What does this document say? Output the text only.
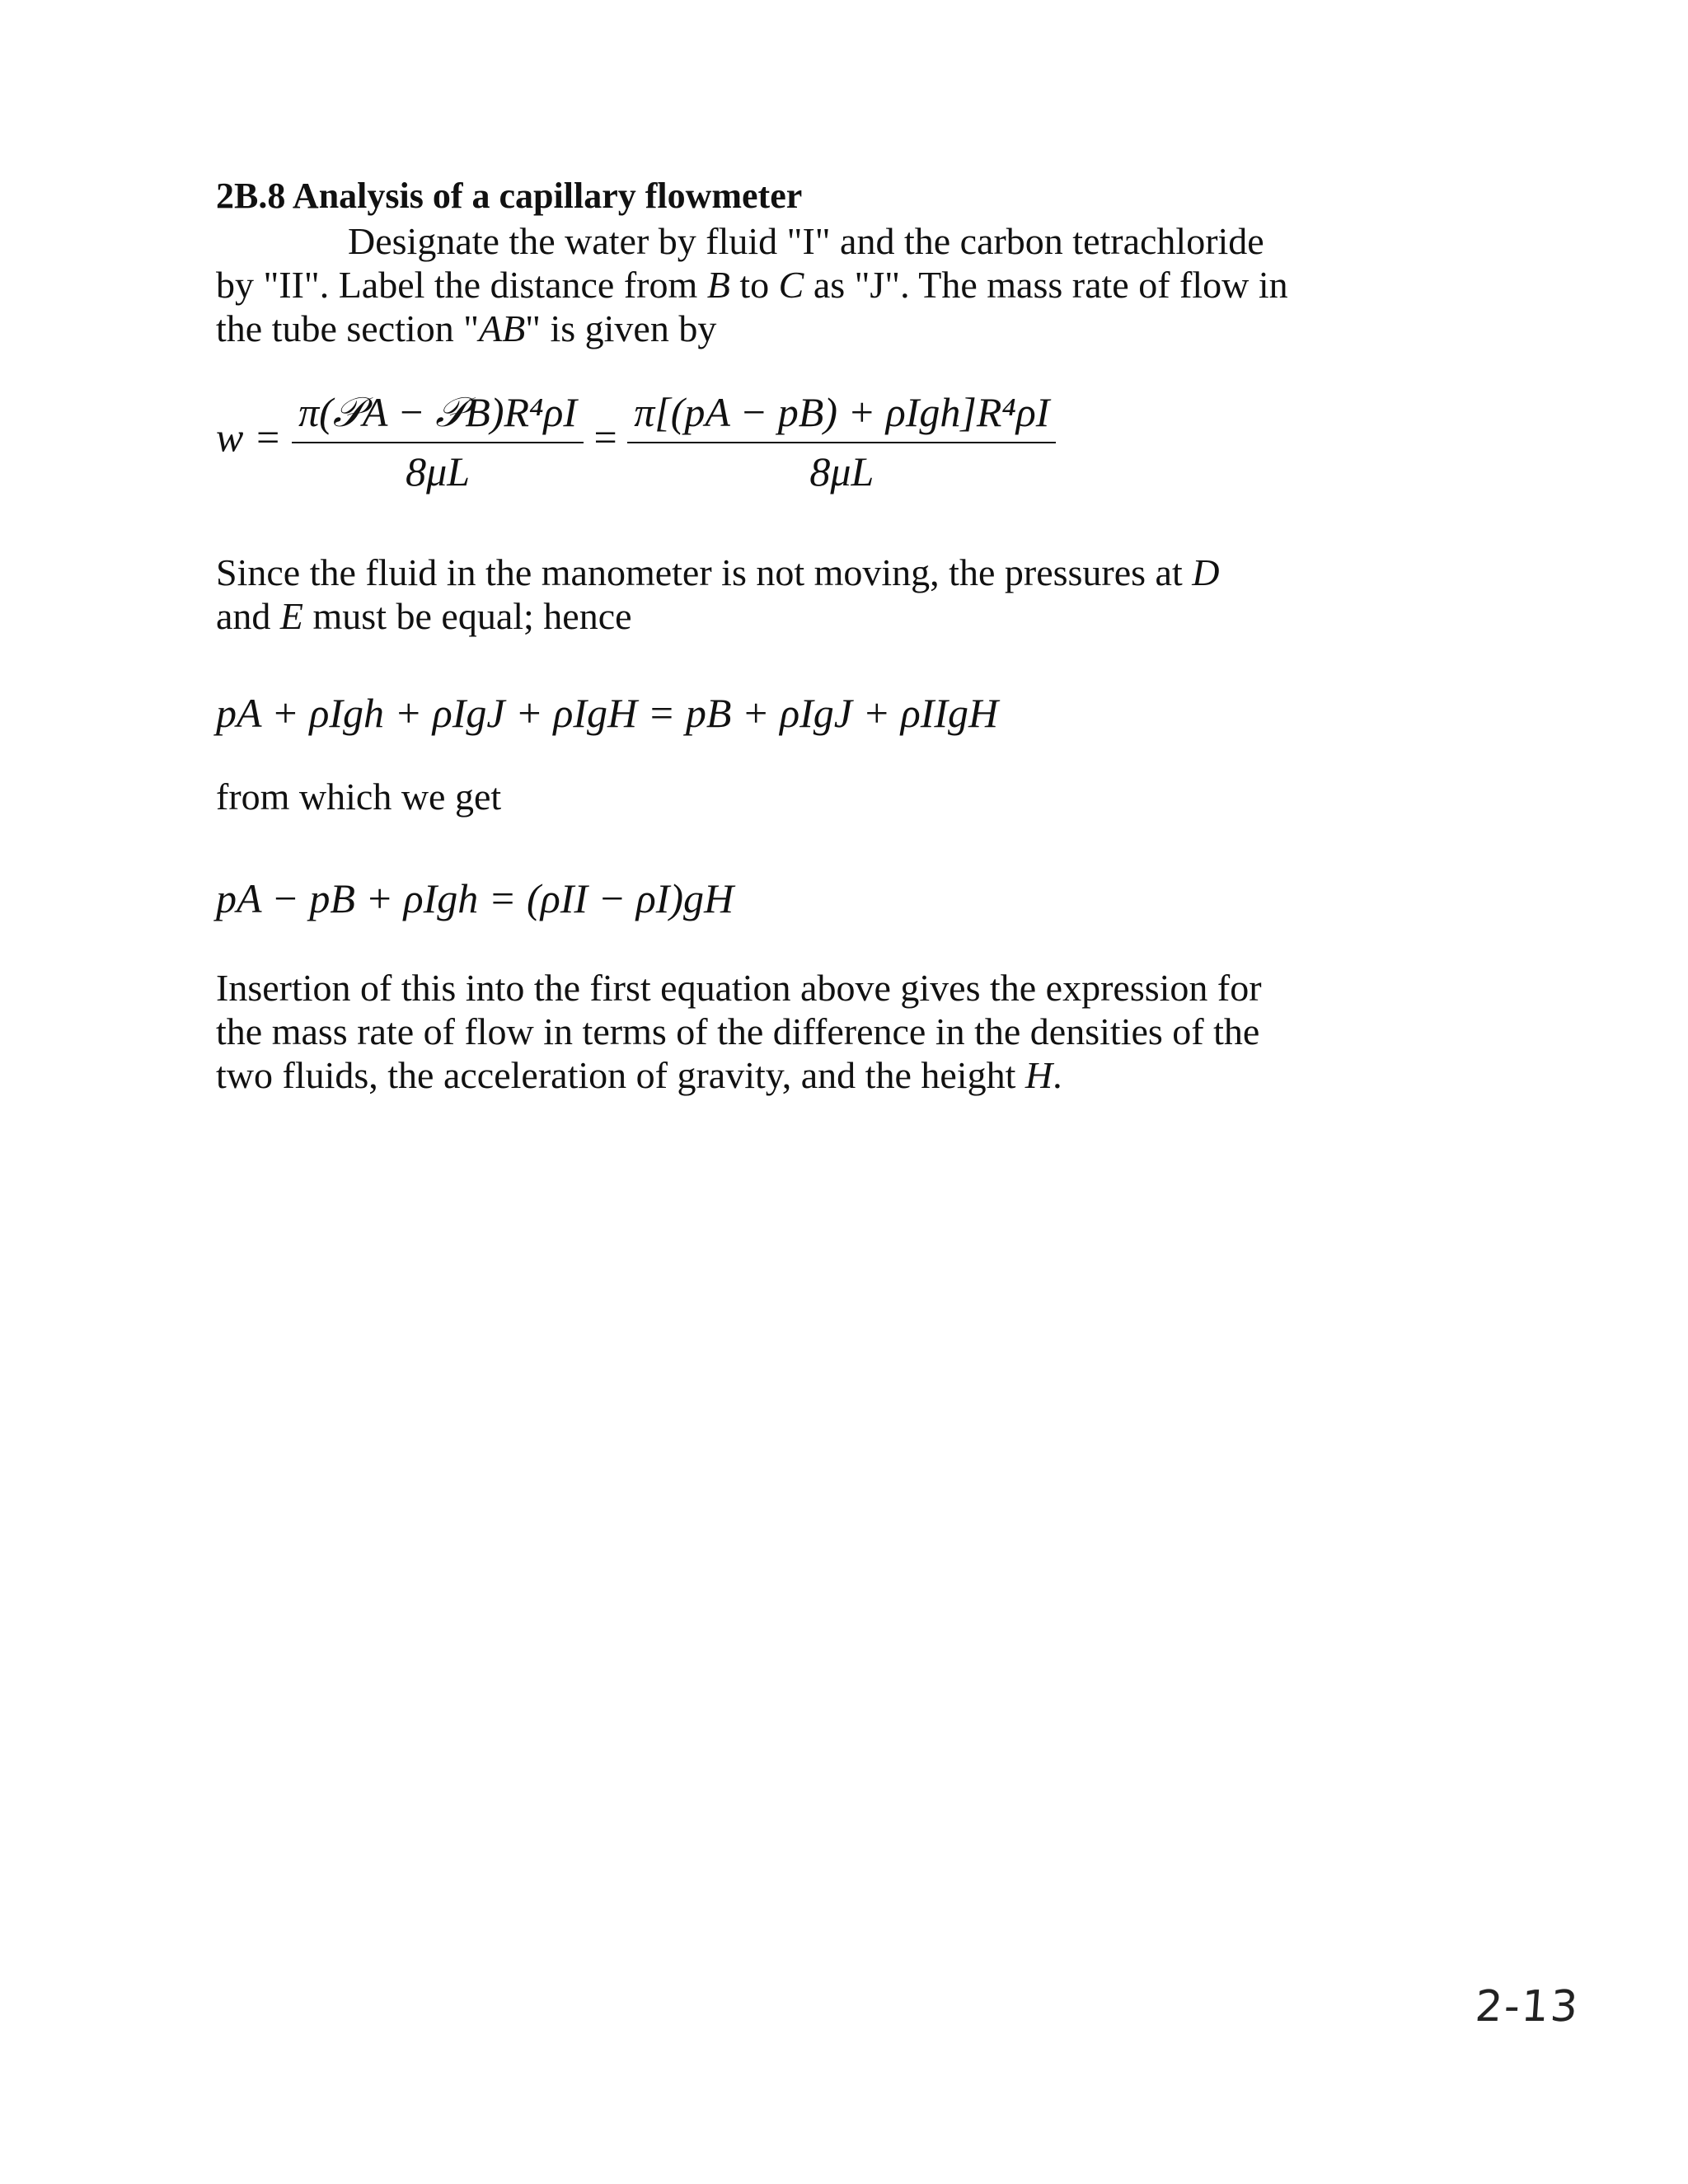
2B.8 Analysis of a capillary flowmeter
Designate the water by fluid "I" and the carbon tetrachloride
by "II". Label the distance from B to C as "J". The mass rate of flow in
the tube section "AB" is given by
$w = \frac{\text{π(𝒫A − 𝒫B)R⁴ρI}}{8\mu L} = \frac{\text{π[(pA − pB) + ρIgh]R⁴ρI}}{8\mu L}$
Since the fluid in the manometer is not moving, the pressures at D
and E must be equal; hence
pA + ρIgh + ρIgJ + ρIgH = pB + ρIgJ + ρIIgH
from which we get
pA − pB + ρIgh = (ρII − ρI)gH
Insertion of this into the first equation above gives the expression for
the mass rate of flow in terms of the difference in the densities of the
two fluids, the acceleration of gravity, and the height H.
2-13
